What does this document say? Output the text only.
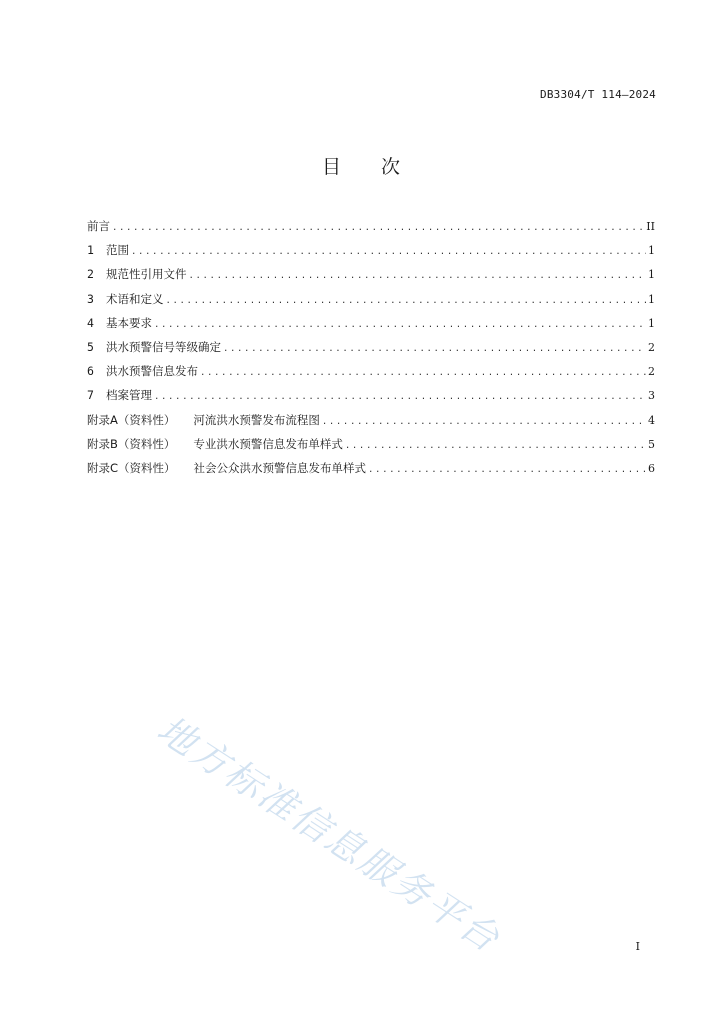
DB3304/T 114—2024
目 次
前言 .....	II
1	范围 .....	1
2	规范性引用文件 .....	1
3	术语和定义 .....	1
4	基本要求 .....	1
5	洪水预警信号等级确定 .....	2
6	洪水预警信息发布 .....	2
7	档案管理 .....	3
附录A（资料性） 河流洪水预警发布流程图 .....	4
附录B（资料性） 专业洪水预警信息发布单样式 .....	5
附录C（资料性） 社会公众洪水预警信息发布单样式 .....	6
地方标准信息服务平台	I
